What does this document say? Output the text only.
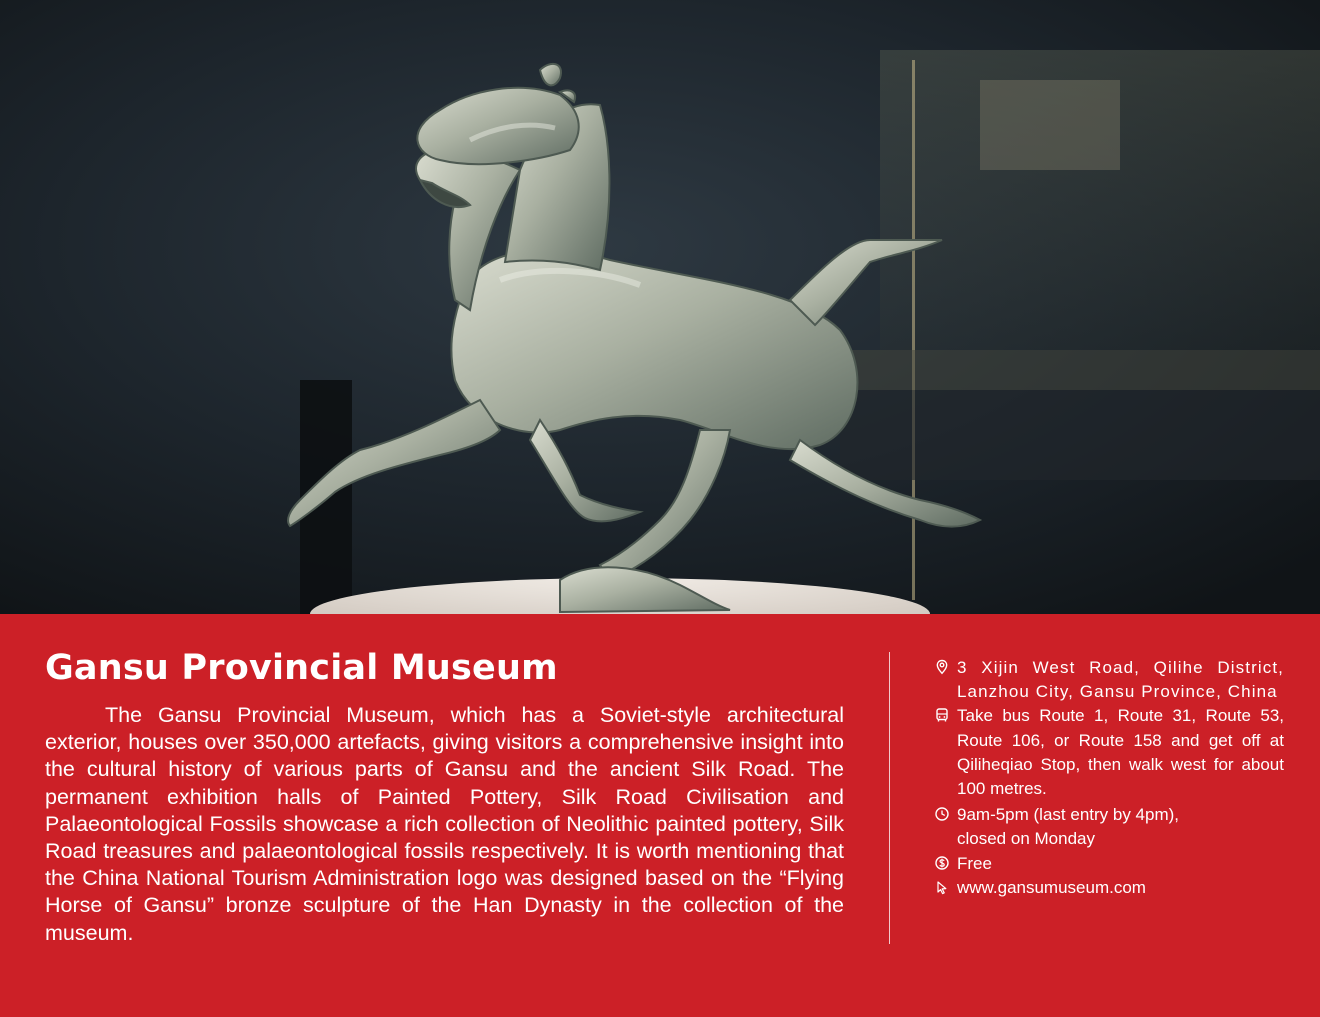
Gansu Provincial Museum

The Gansu Provincial Museum, which has a Soviet-style architectural exterior, houses over 350,000 artefacts, giving visitors a comprehensive insight into the cultural history of various parts of Gansu and the ancient Silk Road. The permanent exhibition halls of Painted Pottery, Silk Road Civilisation and Palaeontological Fossils showcase a rich collection of Neolithic painted pottery, Silk Road treasures and palaeontological fossils respectively. It is worth mentioning that the China National Tourism Administration logo was designed based on the “Flying Horse of Gansu” bronze sculpture of the Han Dynasty in the collection of the museum.

3 Xijin West Road, Qilihe District, Lanzhou City, Gansu Province, China
Take bus Route 1, Route 31, Route 53, Route 106, or Route 158 and get off at Qiliheqiao Stop, then walk west for about 100 metres.
9am-5pm (last entry by 4pm), closed on Monday
Free
www.gansumuseum.com
